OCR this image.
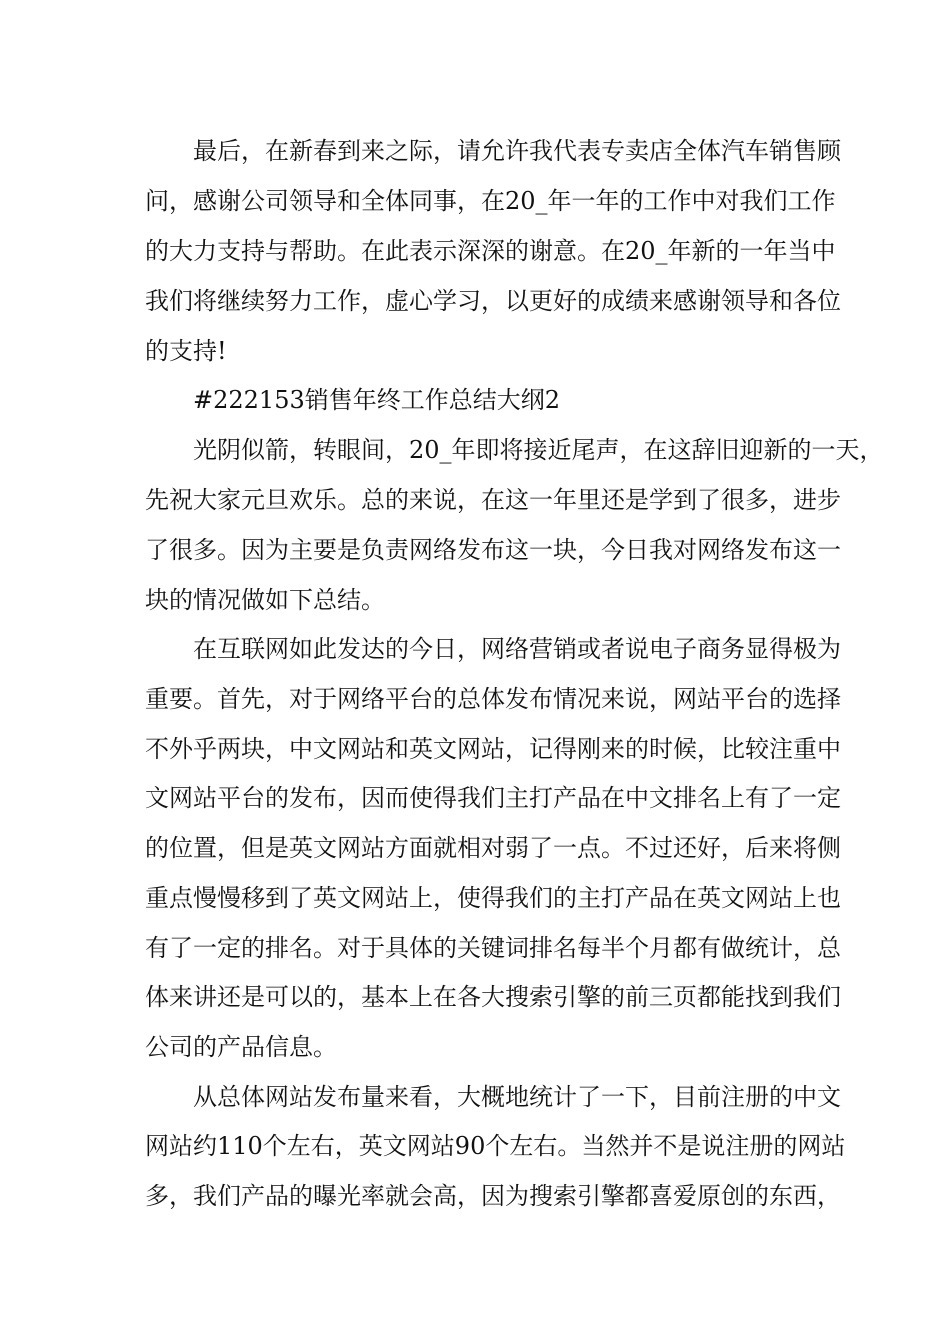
最后，在新春到来之际，请允许我代表专卖店全体汽车销售顾
问，感谢公司领导和全体同事，在20_年一年的工作中对我们工作
的大力支持与帮助。在此表示深深的谢意。在20_年新的一年当中
我们将继续努力工作，虚心学习，以更好的成绩来感谢领导和各位
的支持!
#222153销售年终工作总结大纲2
光阴似箭，转眼间，20_年即将接近尾声，在这辞旧迎新的一天，
先祝大家元旦欢乐。总的来说，在这一年里还是学到了很多，进步
了很多。因为主要是负责网络发布这一块，今日我对网络发布这一
块的情况做如下总结。
在互联网如此发达的今日，网络营销或者说电子商务显得极为
重要。首先，对于网络平台的总体发布情况来说，网站平台的选择
不外乎两块，中文网站和英文网站，记得刚来的时候，比较注重中
文网站平台的发布，因而使得我们主打产品在中文排名上有了一定
的位置，但是英文网站方面就相对弱了一点。不过还好，后来将侧
重点慢慢移到了英文网站上，使得我们的主打产品在英文网站上也
有了一定的排名。对于具体的关键词排名每半个月都有做统计，总
体来讲还是可以的，基本上在各大搜索引擎的前三页都能找到我们
公司的产品信息。
从总体网站发布量来看，大概地统计了一下，目前注册的中文
网站约110个左右，英文网站90个左右。当然并不是说注册的网站
多，我们产品的曝光率就会高，因为搜索引擎都喜爱原创的东西，
